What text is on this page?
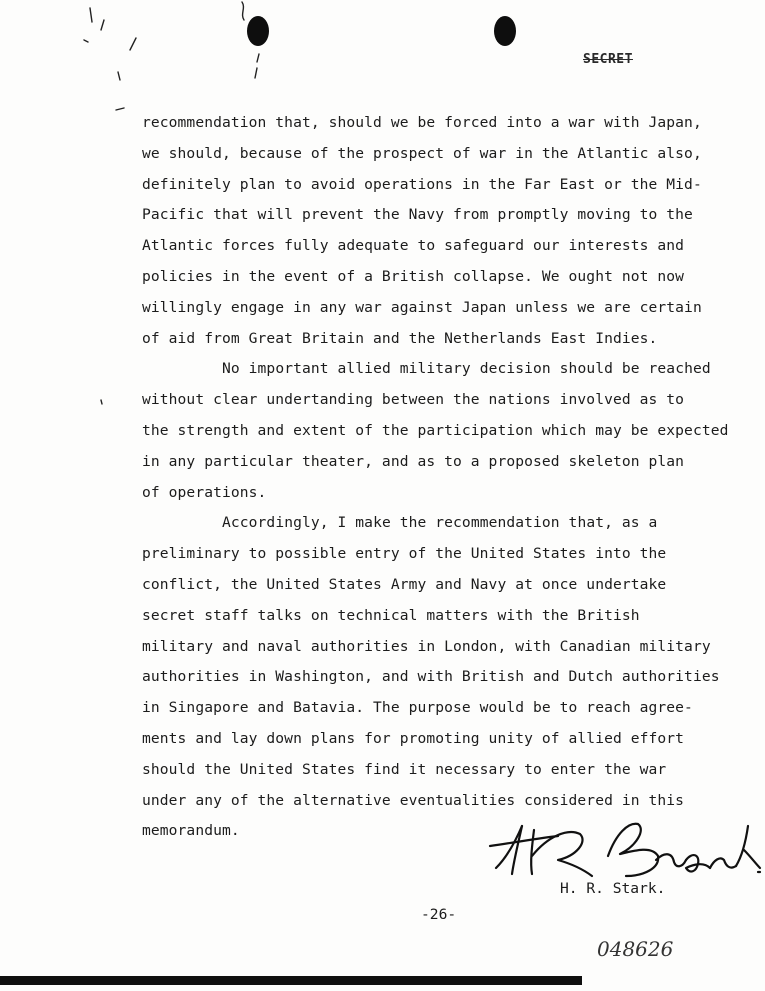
SECRET

recommendation that, should we be forced into a war with Japan,
we should, because of the prospect of war in the Atlantic also,
definitely plan to avoid operations in the Far East or the Mid-
Pacific that will prevent the Navy from promptly moving to the
Atlantic forces fully adequate to safeguard our interests and
policies in the event of a British collapse. We ought not now
willingly engage in any war against Japan unless we are certain
of aid from Great Britain and the Netherlands East Indies.

No important allied military decision should be reached
without clear undertanding between the nations involved as to
the strength and extent of the participation which may be expected
in any particular theater, and as to a proposed skeleton plan
of operations.

Accordingly, I make the recommendation that, as a
preliminary to possible entry of the United States into the
conflict, the United States Army and Navy at once undertake
secret staff talks on technical matters with the British
military and naval authorities in London, with Canadian military
authorities in Washington, and with British and Dutch authorities
in Singapore and Batavia. The purpose would be to reach agree-
ments and lay down plans for promoting unity of allied effort
should the United States find it necessary to enter the war
under any of the alternative eventualities considered in this
memorandum.

H. R. Stark.
-26-
048626
